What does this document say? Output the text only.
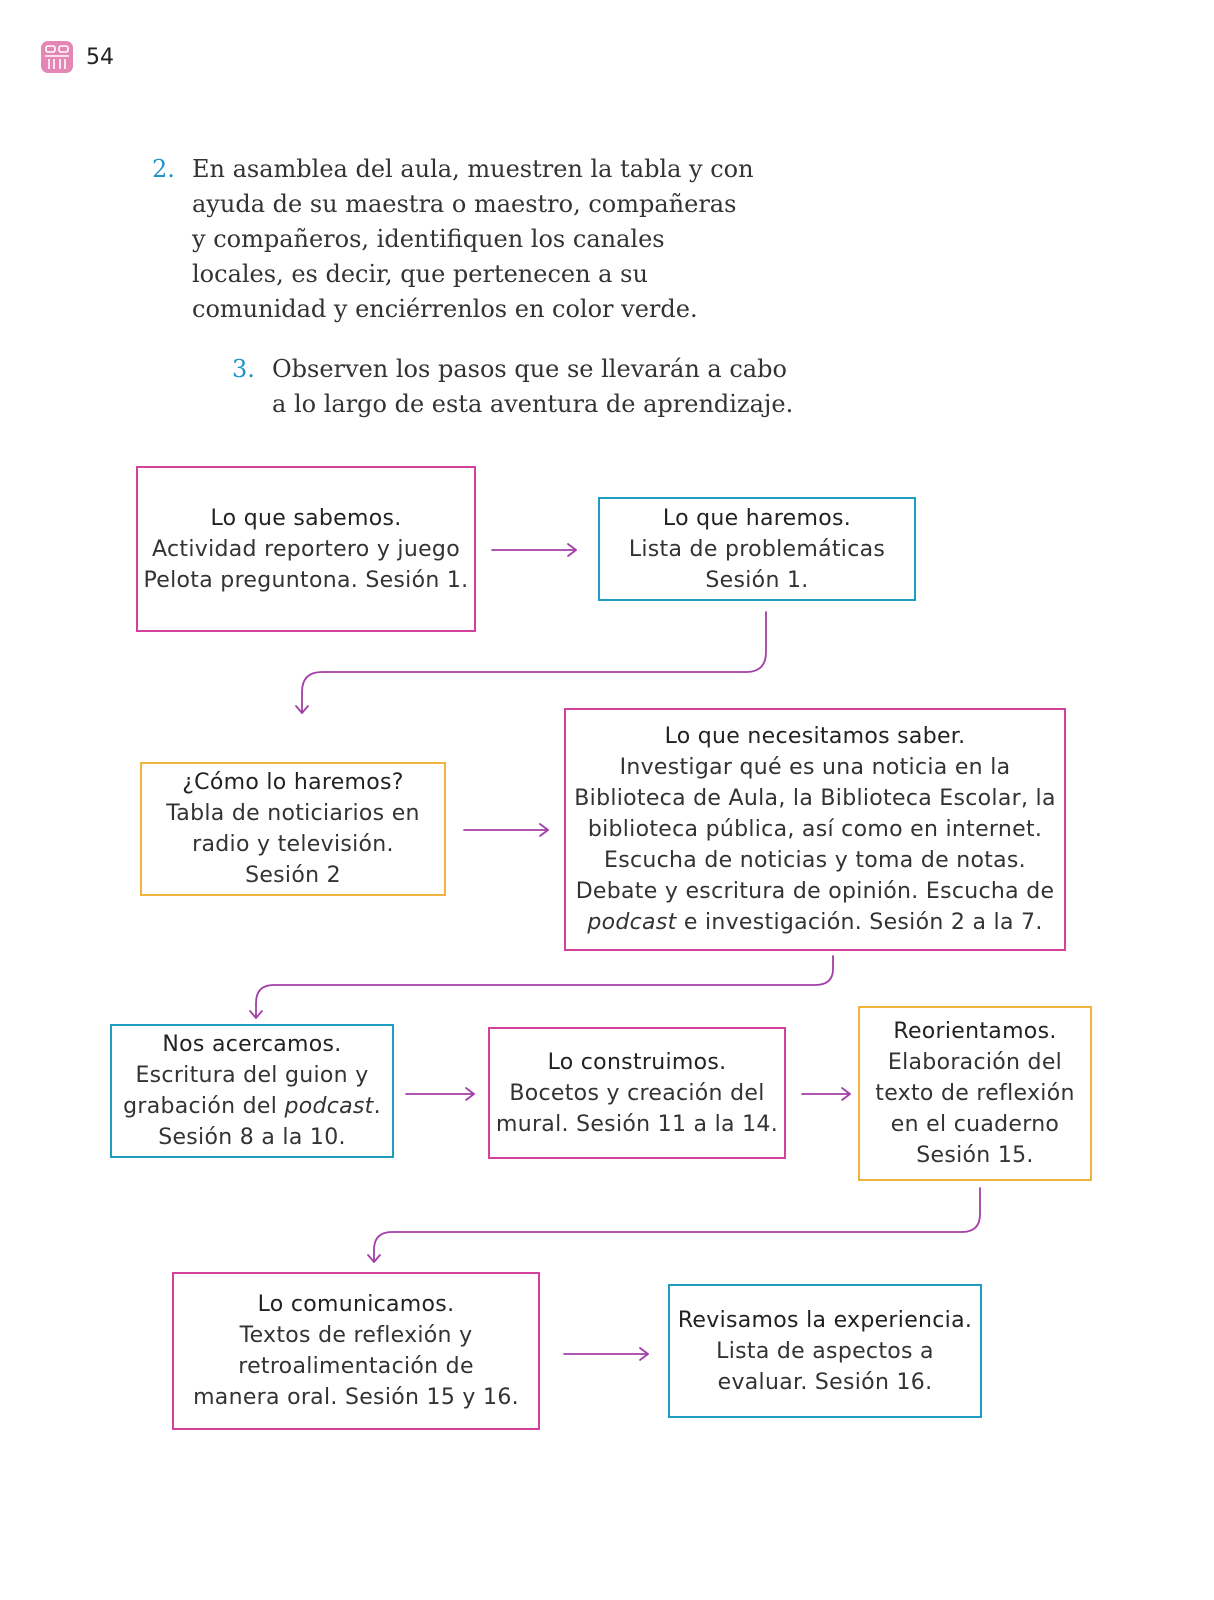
54
2. En asamblea del aula, muestren la tabla y con
ayuda de su maestra o maestro, compañeras
y compañeros, identifiquen los canales
locales, es decir, que pertenecen a su
comunidad y enciérrenlos en color verde.
3. Observen los pasos que se llevarán a cabo
a lo largo de esta aventura de aprendizaje.
Lo que sabemos.
Actividad reportero y juego
Pelota preguntona. Sesión 1.
Lo que haremos.
Lista de problemáticas
Sesión 1.
¿Cómo lo haremos?
Tabla de noticiarios en
radio y televisión.
Sesión 2
Lo que necesitamos saber.
Investigar qué es una noticia en la
Biblioteca de Aula, la Biblioteca Escolar, la
biblioteca pública, así como en internet.
Escucha de noticias y toma de notas.
Debate y escritura de opinión. Escucha de
podcast e investigación. Sesión 2 a la 7.
Nos acercamos.
Escritura del guion y
grabación del podcast.
Sesión 8 a la 10.
Lo construimos.
Bocetos y creación del
mural. Sesión 11 a la 14.
Reorientamos.
Elaboración del
texto de reflexión
en el cuaderno
Sesión 15.
Lo comunicamos.
Textos de reflexión y
retroalimentación de
manera oral. Sesión 15 y 16.
Revisamos la experiencia.
Lista de aspectos a
evaluar. Sesión 16.
